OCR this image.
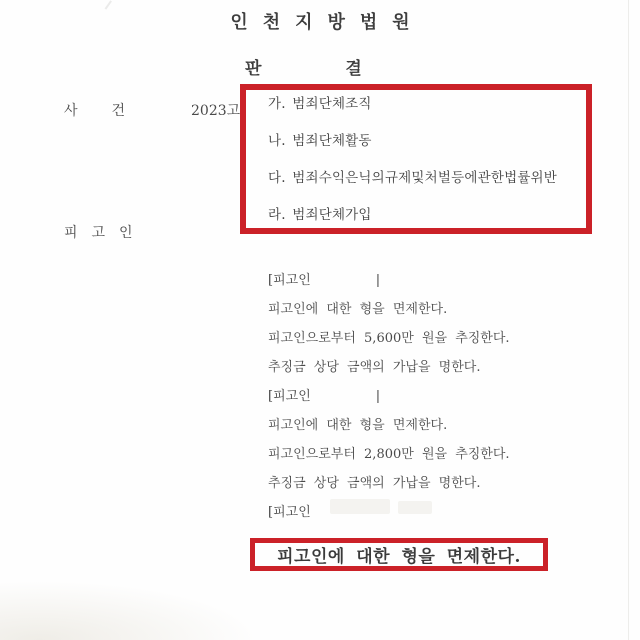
인천지방법원
판결
사건 2023고
피고인
가. 범죄단체조직
나. 범죄단체활동
다. 범죄수익은닉의규제및처벌등에관한법률위반
라. 범죄단체가입
[피고인        |
피고인에 대한 형을 면제한다.
피고인으로부터 5,600만 원을 추징한다.
추징금 상당 금액의 가납을 명한다.
[피고인        |
피고인에 대한 형을 면제한다.
피고인으로부터 2,800만 원을 추징한다.
추징금 상당 금액의 가납을 명한다.
[피고인
피고인에 대한 형을 면제한다.
